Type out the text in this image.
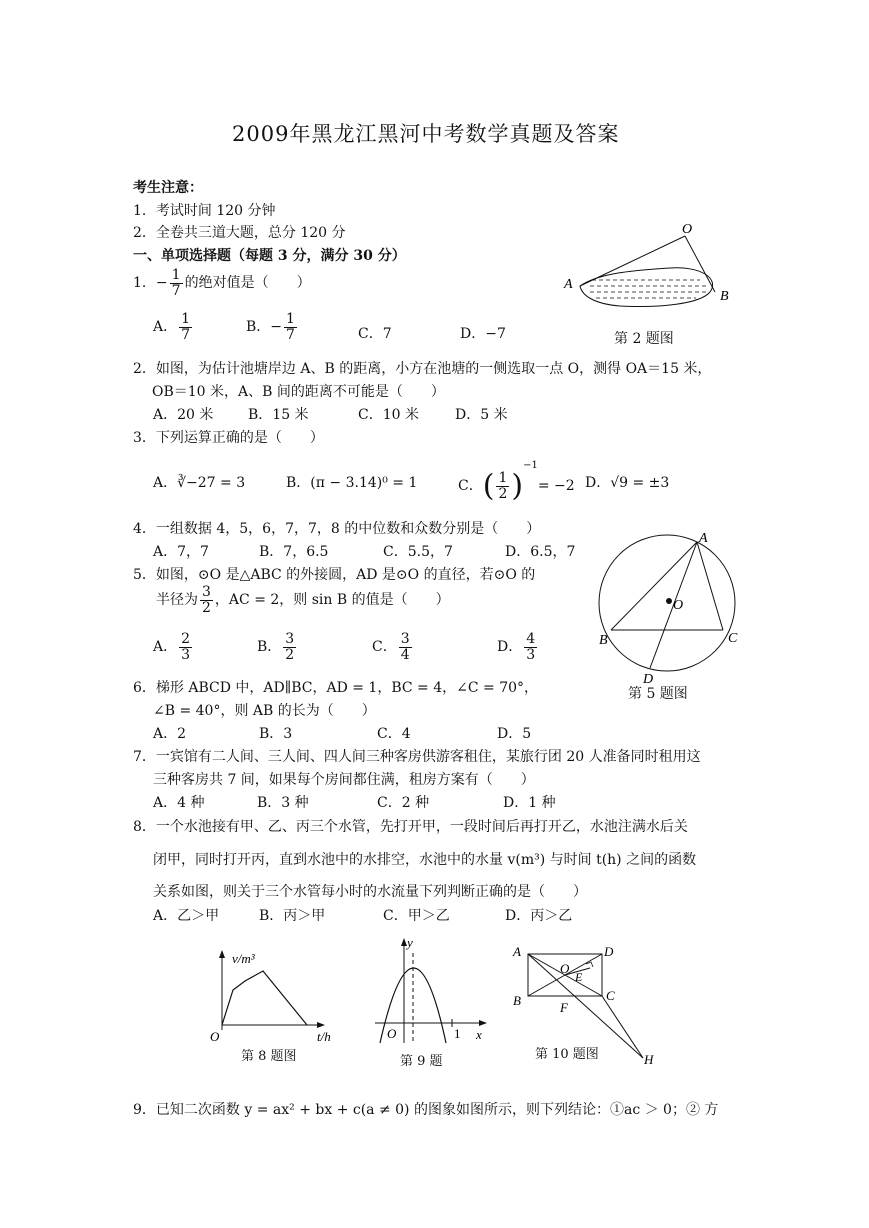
2009年黑龙江黑河中考数学真题及答案
考生注意：
1．考试时间 120 分钟
2．全卷共三道大题，总分 120 分
一、单项选择题（每题 3 分，满分 30 分）
1．− $\frac{1}{7}$ 的绝对值是（　　）
A． $\frac{1}{7}$	B．− $\frac{1}{7}$	C．7	D．−7
O
A
B
第 2 题图
2．如图，为估计池塘岸边 A、B 的距离，小方在池塘的一侧选取一点 O，测得 OA＝15 米，
OB＝10 米，A、B 间的距离不可能是（　　）
A．20 米 B．15 米	C．10 米	D．5 米
3．下列运算正确的是（　　）
A．∛−27 = 3	B．(π − 3.14)⁰ = 1	C．( $\frac{1}{2} )^{-1}= -2$ D．√9 = ±3
4．一组数据 4，5，6，7，7，8 的中位数和众数分别是（　　）
A．7，7	B．7，6.5	C．5.5，7	D．6.5，7
A
O
B	C
D
第 5 题图
5．如图，⊙O 是△ABC 的外接圆，AD 是⊙O 的直径，若⊙O 的
半径为 $\frac{3}{2}$ ，AC = 2，则 sin B 的值是（　　）
A． $\frac{2}{3}$	B． $\frac{3}{2}$	C． $\frac{3}{4}$	D． $\frac{4}{3}$
6．梯形 ABCD 中，AD∥BC，AD = 1，BC = 4，∠C = 70°，
∠B = 40°，则 AB 的长为（　　）
A．2	B．3	C．4	D．5
7．一宾馆有二人间、三人间、四人间三种客房供游客租住，某旅行团 20 人准备同时租用这
三种客房共 7 间，如果每个房间都住满，租房方案有（　　）
A．4 种	B．3 种	C．2 种	D．1 种
8．一个水池接有甲、乙、丙三个水管，先打开甲，一段时间后再打开乙，水池注满水后关
闭甲，同时打开丙，直到水池中的水排空，水池中的水量 v(m³) 与时间 t(h) 之间的函数
关系如图，则关于三个水管每小时的水流量下列判断正确的是（　　）
A．乙＞甲	B．丙＞甲	C．甲＞乙	D．丙＞乙
v/m³
O	t/h
第 8 题图
y
O	1 x
第 9 题
A	D
O
E
B	C
F
H
第 10 题图
9．已知二次函数 y = ax² + bx + c(a ≠ 0) 的图象如图所示，则下列结论：①ac ＞ 0；② 方
